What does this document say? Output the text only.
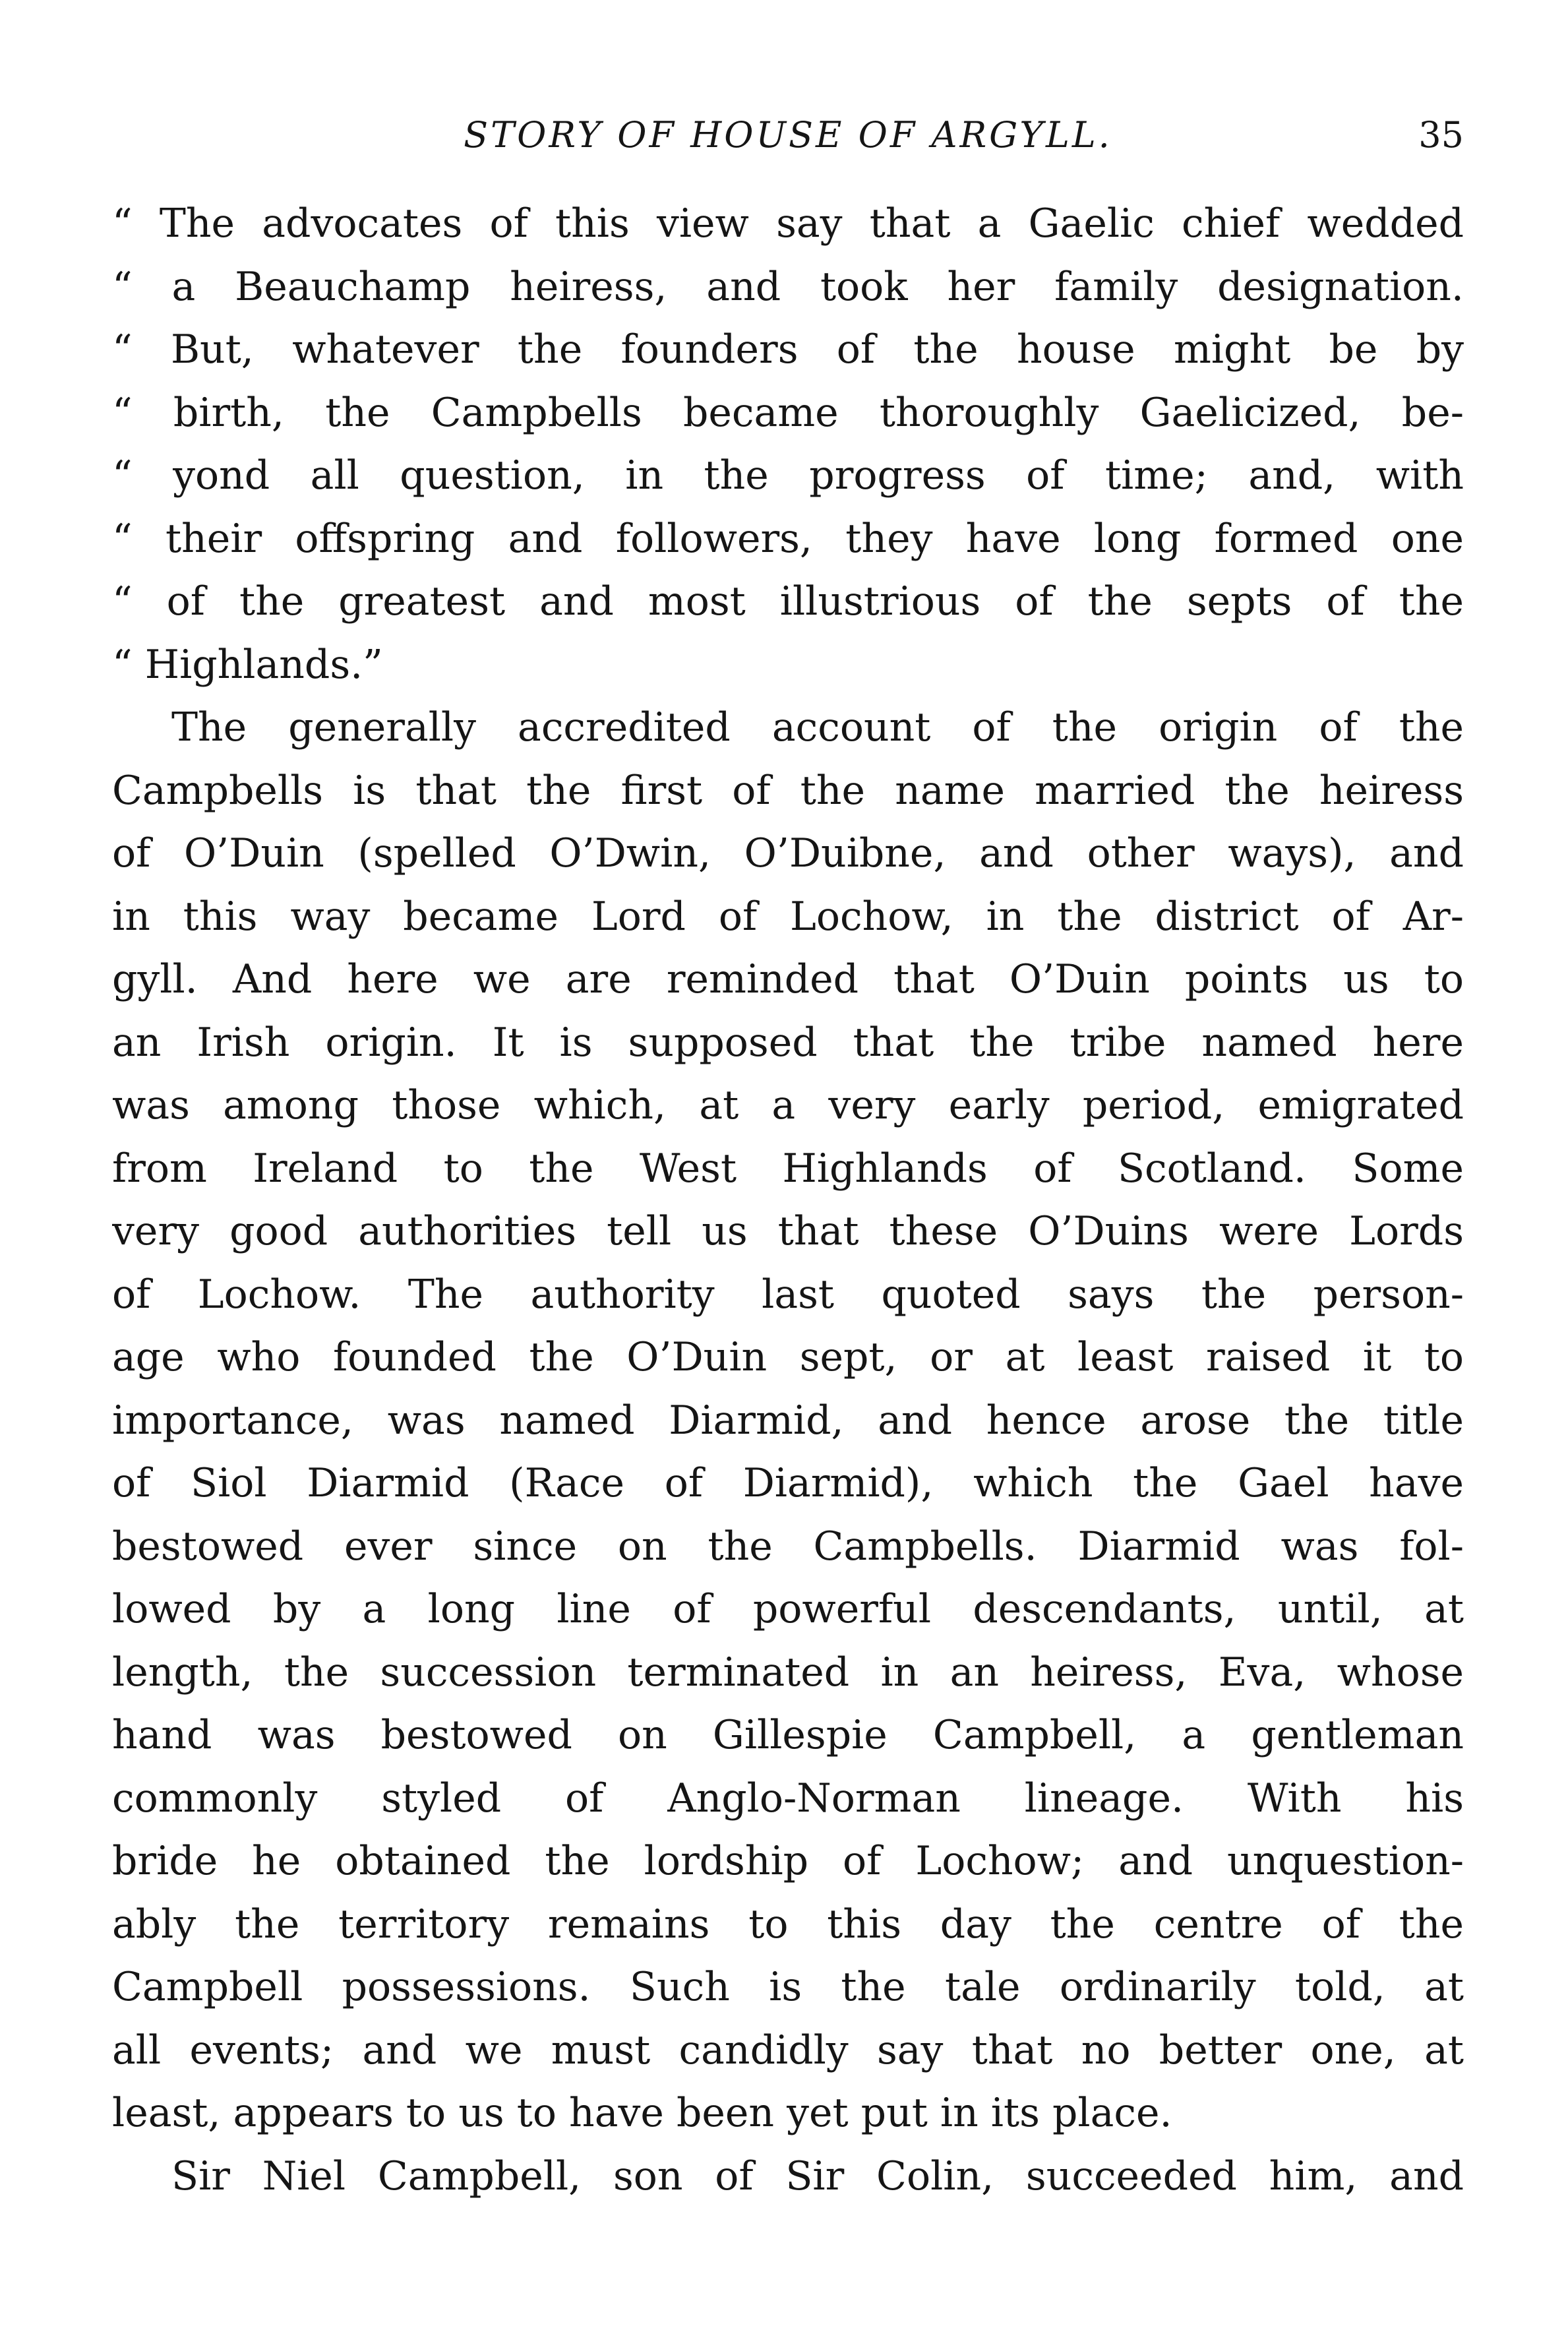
STORY OF HOUSE OF ARGYLL.	35
“ The advocates of this view say that a Gaelic chief wedded
“ a Beauchamp heiress, and took her family designation.
“ But, whatever the founders of the house might be by
“ birth, the Campbells became thoroughly Gaelicized, be-
“ yond all question, in the progress of time; and, with
“ their offspring and followers, they have long formed one
“ of the greatest and most illustrious of the septs of the
“ Highlands.”
The generally accredited account of the origin of the
Campbells is that the first of the name married the heiress
of O’Duin (spelled O’Dwin, O’Duibne, and other ways), and
in this way became Lord of Lochow, in the district of Ar-
gyll. And here we are reminded that O’Duin points us to
an Irish origin. It is supposed that the tribe named here
was among those which, at a very early period, emigrated
from Ireland to the West Highlands of Scotland. Some
very good authorities tell us that these O’Duins were Lords
of Lochow. The authority last quoted says the person-
age who founded the O’Duin sept, or at least raised it to
importance, was named Diarmid, and hence arose the title
of Siol Diarmid (Race of Diarmid), which the Gael have
bestowed ever since on the Campbells. Diarmid was fol-
lowed by a long line of powerful descendants, until, at
length, the succession terminated in an heiress, Eva, whose
hand was bestowed on Gillespie Campbell, a gentleman
commonly styled of Anglo-Norman lineage. With his
bride he obtained the lordship of Lochow; and unquestion-
ably the territory remains to this day the centre of the
Campbell possessions. Such is the tale ordinarily told, at
all events; and we must candidly say that no better one, at
least, appears to us to have been yet put in its place.
Sir Niel Campbell, son of Sir Colin, succeeded him, and
